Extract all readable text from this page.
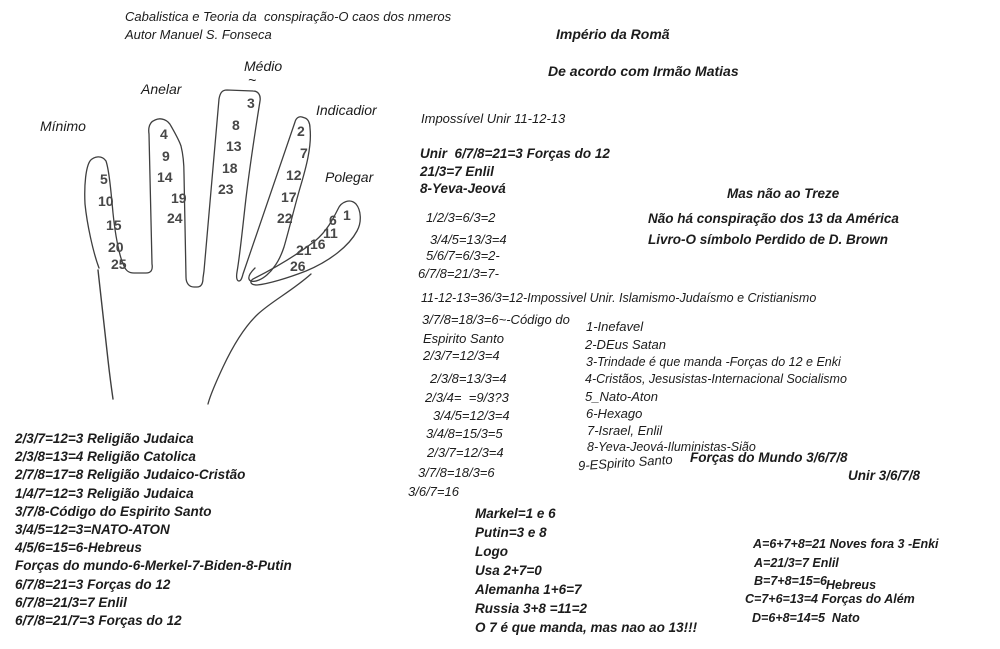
Cabalistica e Teoria da  conspiração-O caos dos nmeros
Autor Manuel S. Fonseca	Império da Romã
De acordo com Irmão Matias
Médio
~
Anelar
Indicadior
Mínimo
Polegar
5
10
15
20
25
4
9
14
19
24
3
8
13
18
23
2
7
12
17
22	1
6
11
16
21
26
Impossível Unir 11-12-13
Unir  6/7/8=21=3 Forças do 12
21/3=7 Enlil
8-Yeva-Jeová
1/2/3=6/3=2
3/4/5=13/3=4
5/6/7=6/3=2-
6/7/8=21/3=7-
11-12-13=36/3=12-Impossivel Unir. Islamismo-Judaísmo e Cristianismo
3/7/8=18/3=6~-Código do
Espirito Santo
2/3/7=12/3=4
2/3/8=13/3=4
2/3/4=  =9/3?3
3/4/5=12/3=4
3/4/8=15/3=5
2/3/7=12/3=4
3/7/8=18/3=6
3/6/7=16
Mas não ao Treze
Não há conspiração dos 13 da América
Livro-O símbolo Perdido de D. Brown
1-Inefavel
2-DEus Satan
3-Trindade é que manda -Forças do 12 e Enki
4-Cristãos, Jesusistas-Internacional Socialismo
5_Nato-Aton
6-Hexago
7-Israel, Enlil
8-Yeva-Jeová-Iluministas-Sião
9-ESpirito Santo Forças do Mundo 3/6/7/8
Unir 3/6/7/8
2/3/7=12=3 Religião Judaica
2/3/8=13=4 Religião Catolica
2/7/8=17=8 Religião Judaico-Cristão
1/4/7=12=3 Religião Judaica
3/7/8-Código do Espirito Santo
3/4/5=12=3=NATO-ATON
4/5/6=15=6-Hebreus
Forças do mundo-6-Merkel-7-Biden-8-Putin
6/7/8=21=3 Forças do 12
6/7/8=21/3=7 Enlil
6/7/8=21/7=3 Forças do 12
Markel=1 e 6
Putin=3 e 8
Logo
Usa 2+7=0
Alemanha 1+6=7
Russia 3+8 =11=2
O 7 é que manda, mas nao ao 13!!!
A=6+7+8=21 Noves fora 3 -Enki
A=21/3=7 Enlil
B=7+8=15=6 Hebreus
C=7+6=13=4 Forças do Além
D=6+8=14=5  Nato
